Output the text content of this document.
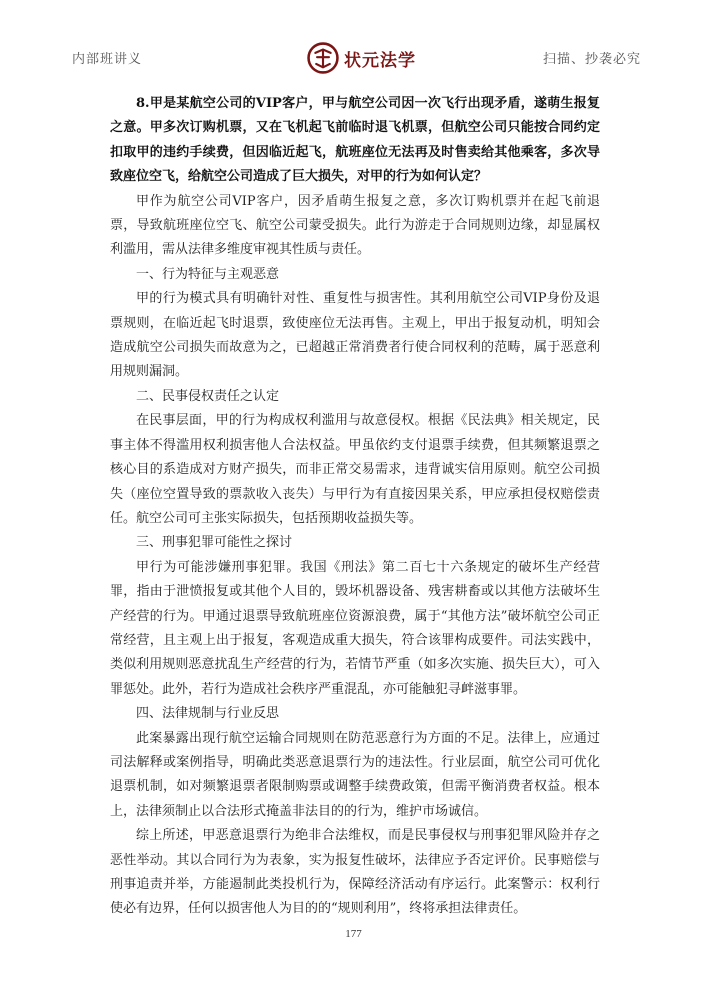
内部班讲义	状元法学	扫描、抄袭必究

8.甲是某航空公司的VIP客户，甲与航空公司因一次飞行出现矛盾，遂萌生报复之意。甲多次订购机票，又在飞机起飞前临时退飞机票，但航空公司只能按合同约定扣取甲的违约手续费，但因临近起飞，航班座位无法再及时售卖给其他乘客，多次导致座位空飞，给航空公司造成了巨大损失，对甲的行为如何认定？

甲作为航空公司VIP客户，因矛盾萌生报复之意，多次订购机票并在起飞前退票，导致航班座位空飞、航空公司蒙受损失。此行为游走于合同规则边缘，却显属权利滥用，需从法律多维度审视其性质与责任。

一、行为特征与主观恶意

甲的行为模式具有明确针对性、重复性与损害性。其利用航空公司VIP身份及退票规则，在临近起飞时退票，致使座位无法再售。主观上，甲出于报复动机，明知会造成航空公司损失而故意为之，已超越正常消费者行使合同权利的范畴，属于恶意利用规则漏洞。

二、民事侵权责任之认定

在民事层面，甲的行为构成权利滥用与故意侵权。根据《民法典》相关规定，民事主体不得滥用权利损害他人合法权益。甲虽依约支付退票手续费，但其频繁退票之核心目的系造成对方财产损失，而非正常交易需求，违背诚实信用原则。航空公司损失（座位空置导致的票款收入丧失）与甲行为有直接因果关系，甲应承担侵权赔偿责任。航空公司可主张实际损失，包括预期收益损失等。

三、刑事犯罪可能性之探讨

甲行为可能涉嫌刑事犯罪。我国《刑法》第二百七十六条规定的破坏生产经营罪，指由于泄愤报复或其他个人目的，毁坏机器设备、残害耕畜或以其他方法破坏生产经营的行为。甲通过退票导致航班座位资源浪费，属于“其他方法”破坏航空公司正常经营，且主观上出于报复，客观造成重大损失，符合该罪构成要件。司法实践中，类似利用规则恶意扰乱生产经营的行为，若情节严重（如多次实施、损失巨大），可入罪惩处。此外，若行为造成社会秩序严重混乱，亦可能触犯寻衅滋事罪。

四、法律规制与行业反思

此案暴露出现行航空运输合同规则在防范恶意行为方面的不足。法律上，应通过司法解释或案例指导，明确此类恶意退票行为的违法性。行业层面，航空公司可优化退票机制，如对频繁退票者限制购票或调整手续费政策，但需平衡消费者权益。根本上，法律须制止以合法形式掩盖非法目的的行为，维护市场诚信。

综上所述，甲恶意退票行为绝非合法维权，而是民事侵权与刑事犯罪风险并存之恶性举动。其以合同行为为表象，实为报复性破坏，法律应予否定评价。民事赔偿与刑事追责并举，方能遏制此类投机行为，保障经济活动有序运行。此案警示：权利行使必有边界，任何以损害他人为目的的“规则利用”，终将承担法律责任。

177
